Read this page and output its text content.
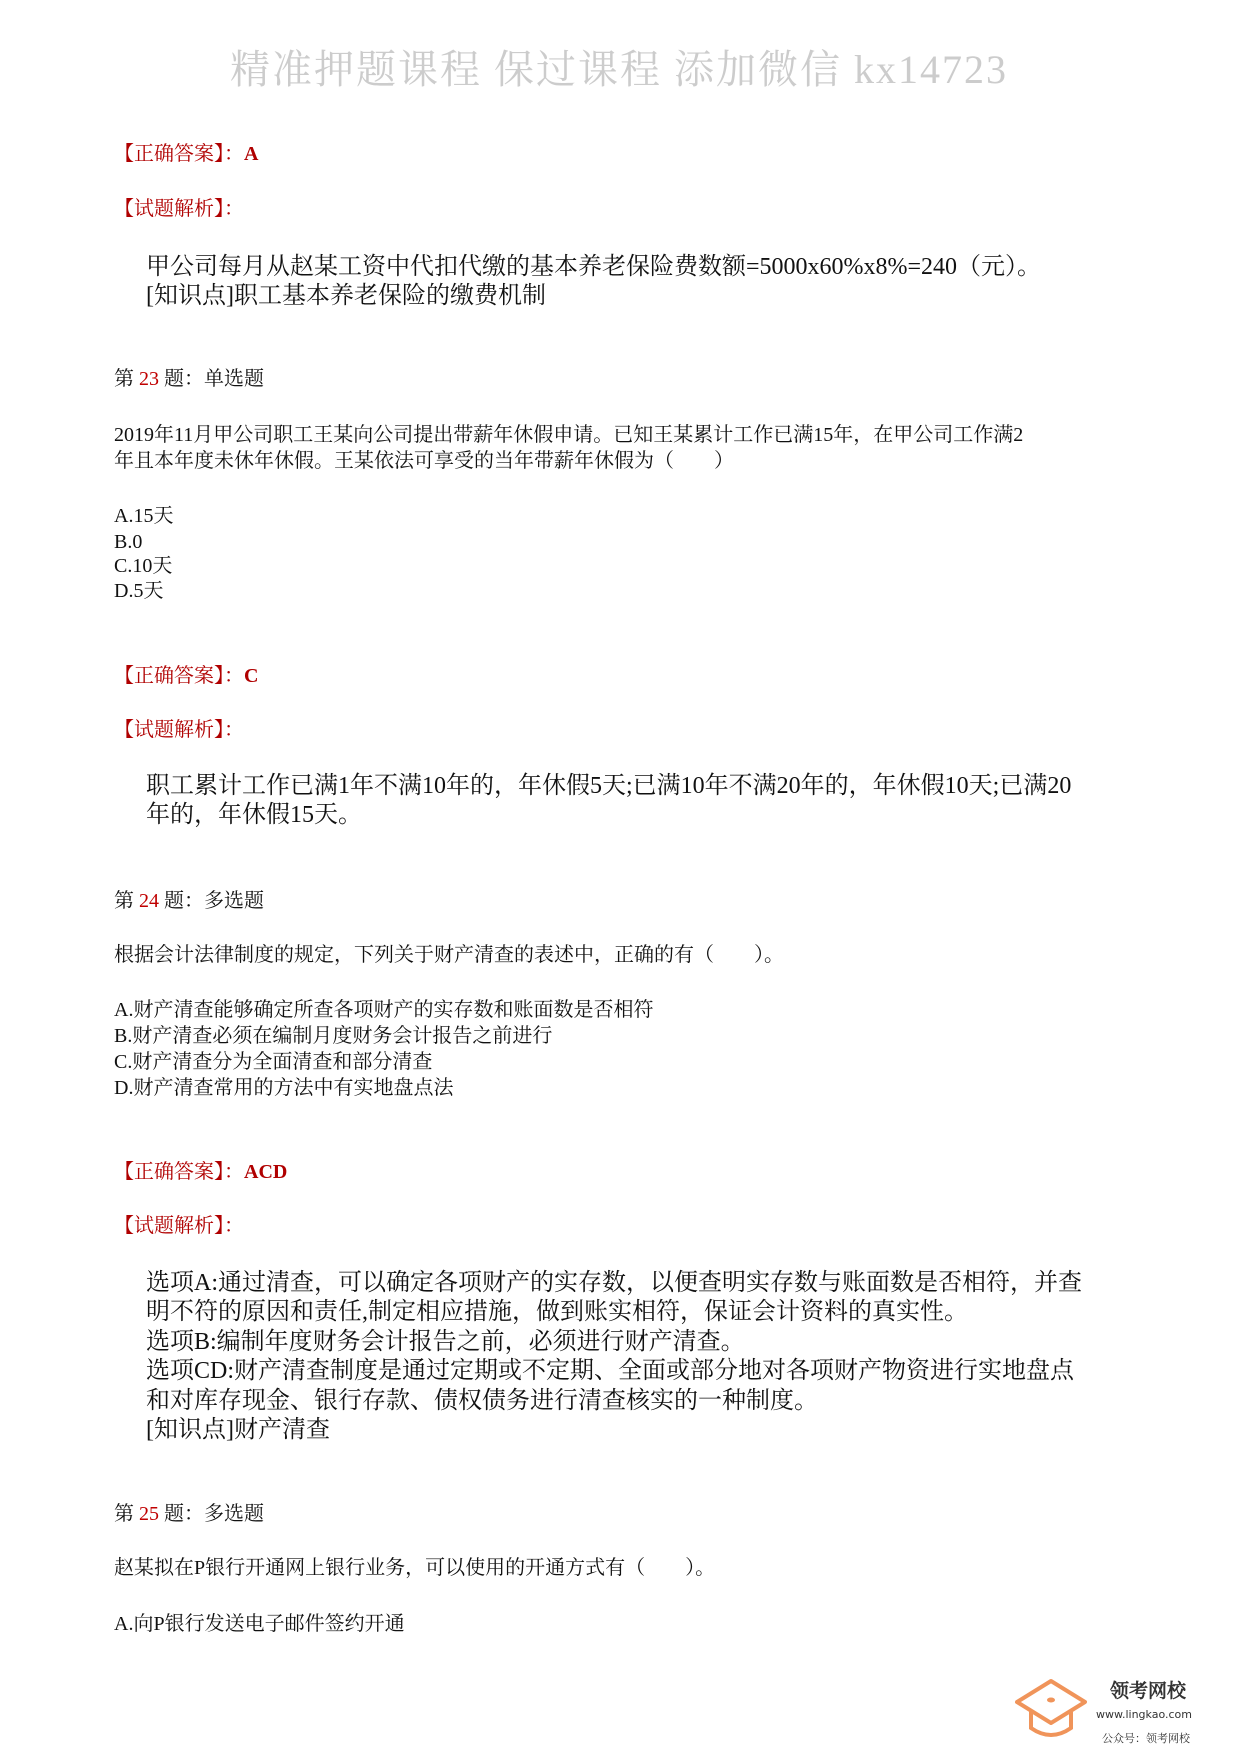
精准押题课程 保过课程 添加微信 kx14723
【正确答案】：A
【试题解析】：
甲公司每月从赵某工资中代扣代缴的基本养老保险费数额=5000x60%x8%=240（元）。
[知识点]职工基本养老保险的缴费机制
第 23 题：单选题
2019年11月甲公司职工王某向公司提出带薪年休假申请。已知王某累计工作已满15年，在甲公司工作满2
年且本年度未休年休假。王某依法可享受的当年带薪年休假为（　　）
A.15天
B.0
C.10天
D.5天
【正确答案】：C
【试题解析】：
职工累计工作已满1年不满10年的，年休假5天;已满10年不满20年的，年休假10天;已满20
年的，年休假15天。
第 24 题：多选题
根据会计法律制度的规定，下列关于财产清查的表述中，正确的有（　　）。
A.财产清查能够确定所查各项财产的实存数和账面数是否相符
B.财产清查必须在编制月度财务会计报告之前进行
C.财产清查分为全面清查和部分清查
D.财产清查常用的方法中有实地盘点法
【正确答案】：ACD
【试题解析】：
选项A:通过清查，可以确定各项财产的实存数，以便查明实存数与账面数是否相符，并查
明不符的原因和责任,制定相应措施，做到账实相符，保证会计资料的真实性。
选项B:编制年度财务会计报告之前，必须进行财产清查。
选项CD:财产清查制度是通过定期或不定期、全面或部分地对各项财产物资进行实地盘点
和对库存现金、银行存款、债权债务进行清查核实的一种制度。
[知识点]财产清查
第 25 题：多选题
赵某拟在P银行开通网上银行业务，可以使用的开通方式有（　　）。
A.向P银行发送电子邮件签约开通
领考网校
www.lingkao.com
公众号：领考网校
